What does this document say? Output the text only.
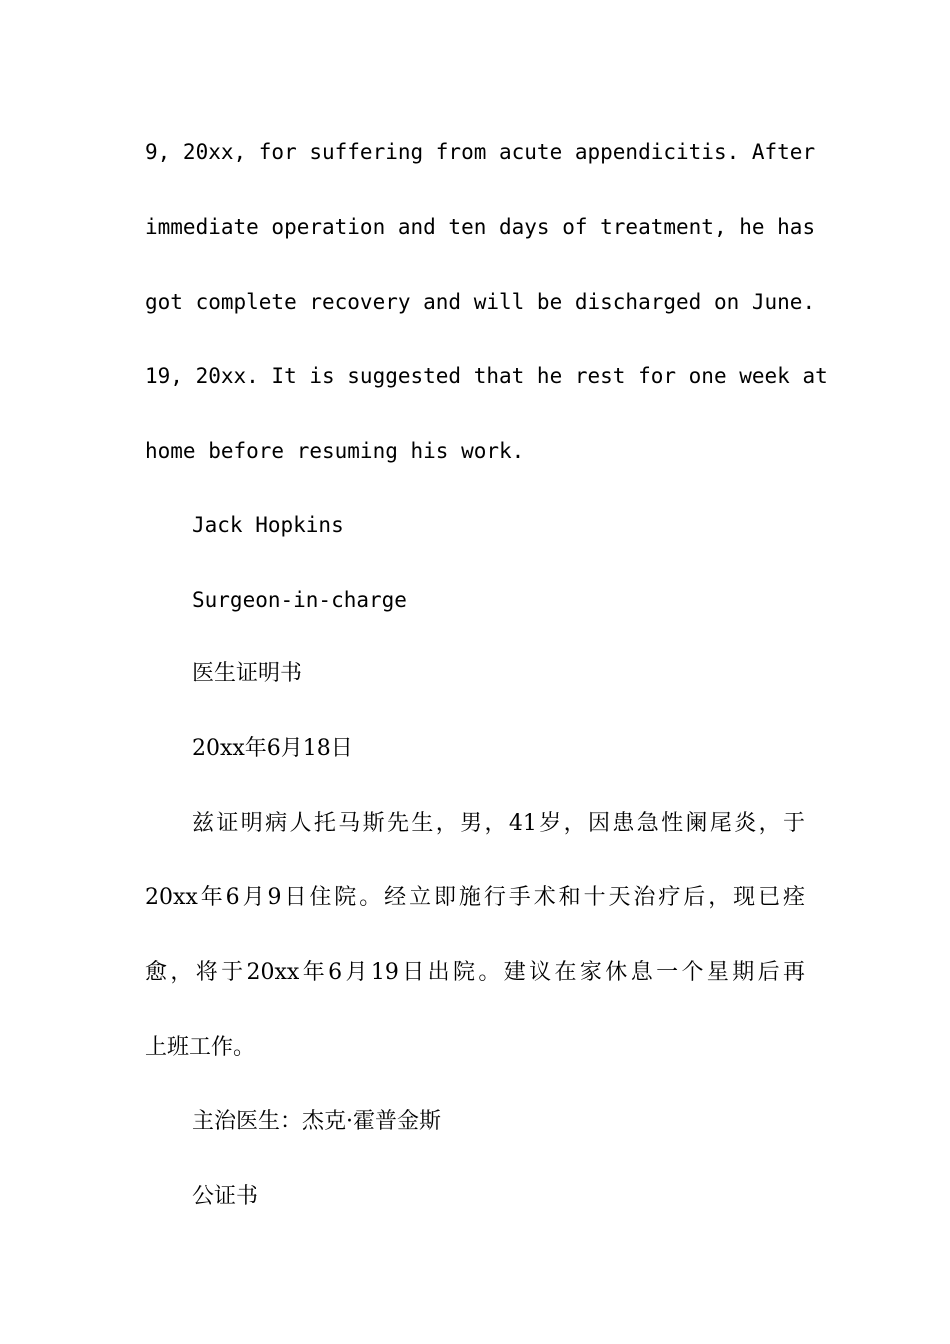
9, 20xx, for suffering from acute appendicitis. After
immediate operation and ten days of treatment, he has
got complete recovery and will be discharged on June.
19, 20xx. It is suggested that he rest for one week at
home before resuming his work.
Jack Hopkins
Surgeon-in-charge
医生证明书
20xx年6月18日
兹证明病人托马斯先生，男，41岁，因患急性阑尾炎，于
20xx年6月9日住院。经立即施行手术和十天治疗后，现已痊
愈，将于20xx年6月19日出院。建议在家休息一个星期后再
上班工作。
主治医生：杰克·霍普金斯
公证书
